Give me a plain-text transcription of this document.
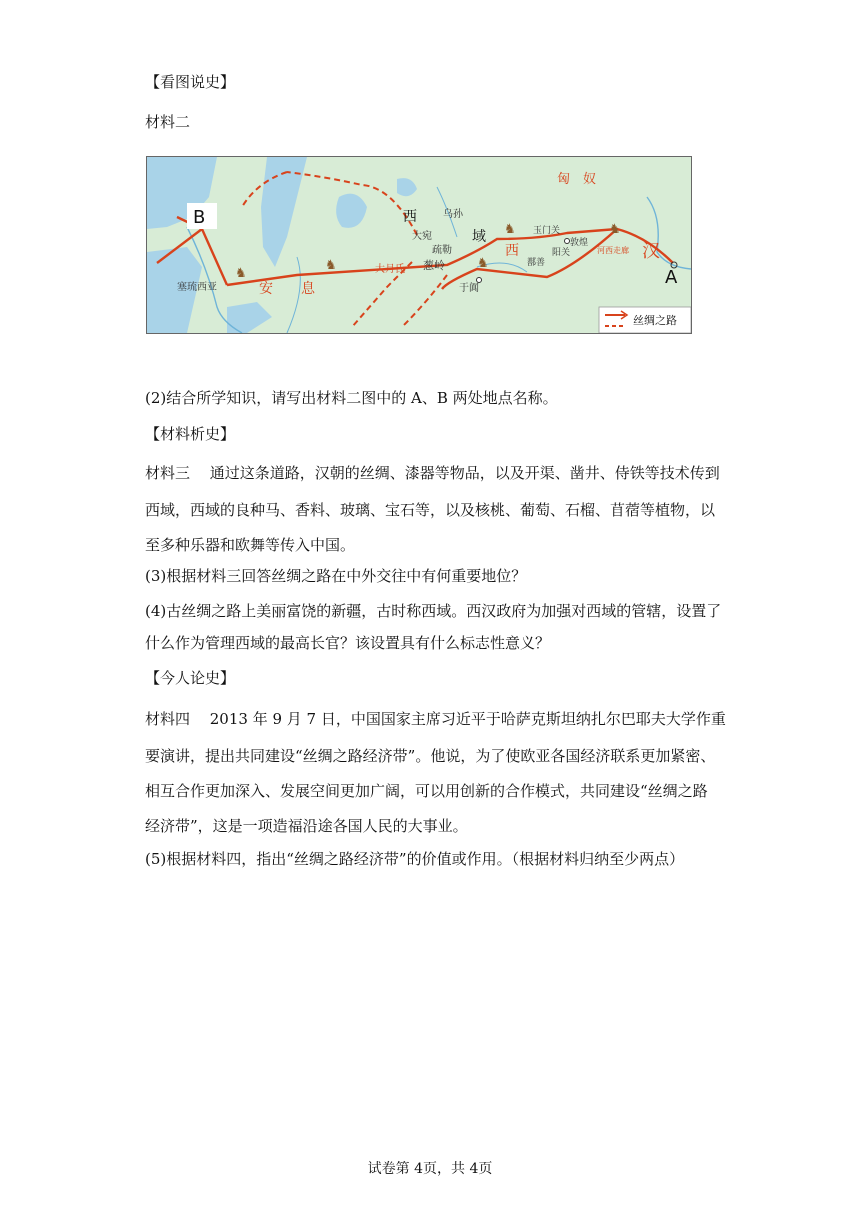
【看图说史】
材料二
♞
♞	♞
♞	♞
A
B
匈　奴
汉
西
域
西
安　　息
乌孙
大宛
疏勒
葱岭
大月氏
玉门关
敦煌
阳关	河西走廊
鄯善
于阗
塞琉西亚
丝绸之路
(2)结合所学知识，请写出材料二图中的 A、B 两处地点名称。
【材料析史】
材料三　 通过这条道路，汉朝的丝绸、漆器等物品，以及开渠、凿井、侍铁等技术传到
西域，西域的良种马、香料、玻璃、宝石等，以及核桃、葡萄、石榴、苜蓿等植物，以
至多种乐器和欧舞等传入中国。
(3)根据材料三回答丝绸之路在中外交往中有何重要地位？
(4)古丝绸之路上美丽富饶的新疆，古时称西域。西汉政府为加强对西域的管辖，设置了
什么作为管理西域的最高长官？该设置具有什么标志性意义？
【今人论史】
材料四　 2013 年 9 月 7 日，中国国家主席习近平于哈萨克斯坦纳扎尔巴耶夫大学作重
要演讲，提出共同建设“丝绸之路经济带”。他说，为了使欧亚各国经济联系更加紧密、
相互合作更加深入、发展空间更加广阔，可以用创新的合作模式，共同建设“丝绸之路
经济带”，这是一项造福沿途各国人民的大事业。
(5)根据材料四，指出“丝绸之路经济带”的价值或作用。（根据材料归纳至少两点）
试卷第 4页，共 4页
